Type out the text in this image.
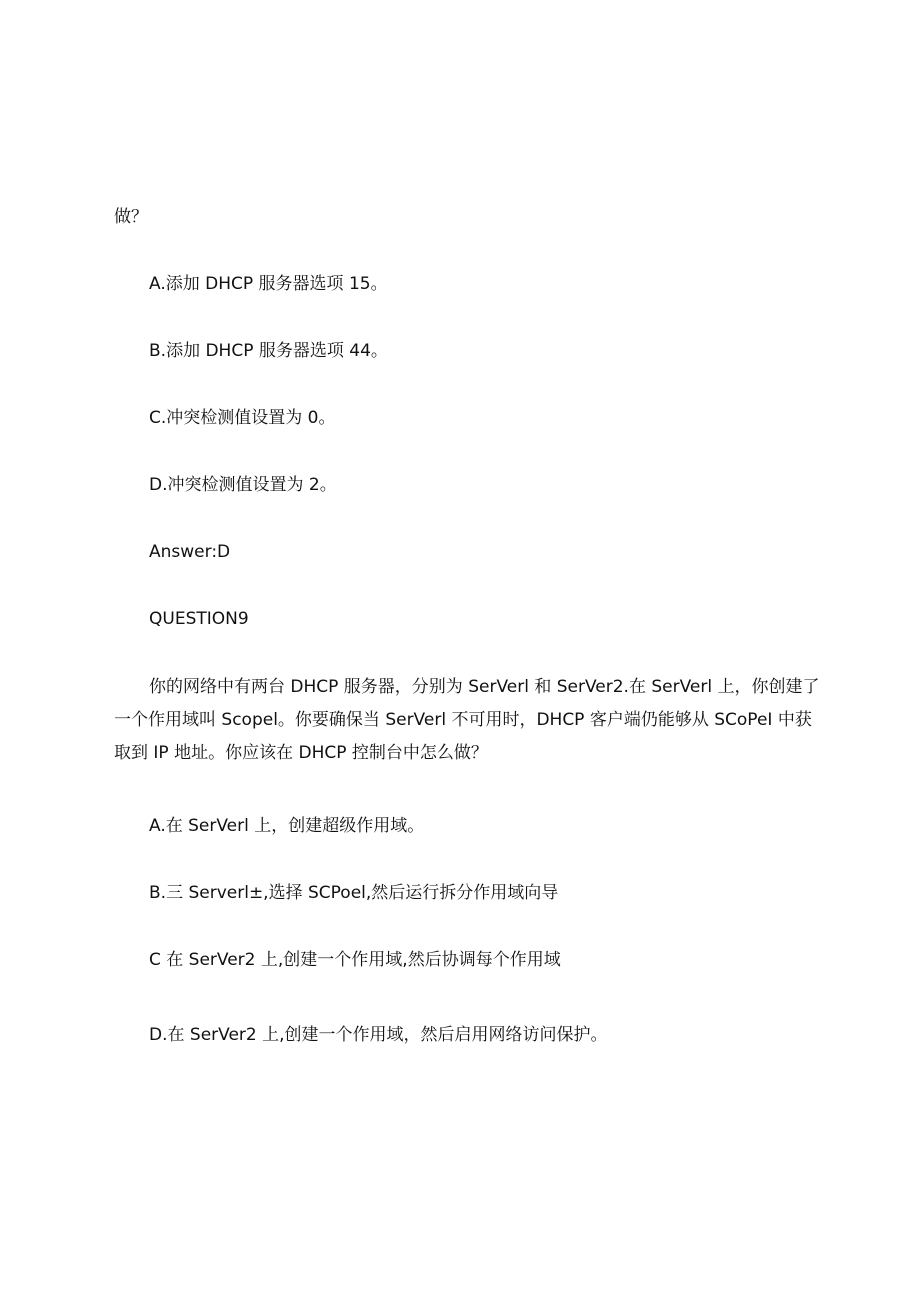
做？

A.添加 DHCP 服务器选项 15。

B.添加 DHCP 服务器选项 44。

C.冲突检测值设置为 0。

D.冲突检测值设置为 2。

Answer:D

QUESTION9

你的网络中有两台 DHCP 服务器，分别为 SerVerl 和 SerVer2.在 SerVerl 上，你创建了
一个作用域叫 Scopel。你要确保当 SerVerl 不可用时，DHCP 客户端仍能够从 SCoPeI 中获
取到 IP 地址。你应该在 DHCP 控制台中怎么做？

A.在 SerVerl 上，创建超级作用域。

B.三 Serverl±,选择 SCPoel,然后运行拆分作用域向导

C 在 SerVer2 上,创建一个作用域,然后协调每个作用域

D.在 SerVer2 上,创建一个作用域，然后启用网络访问保护。
